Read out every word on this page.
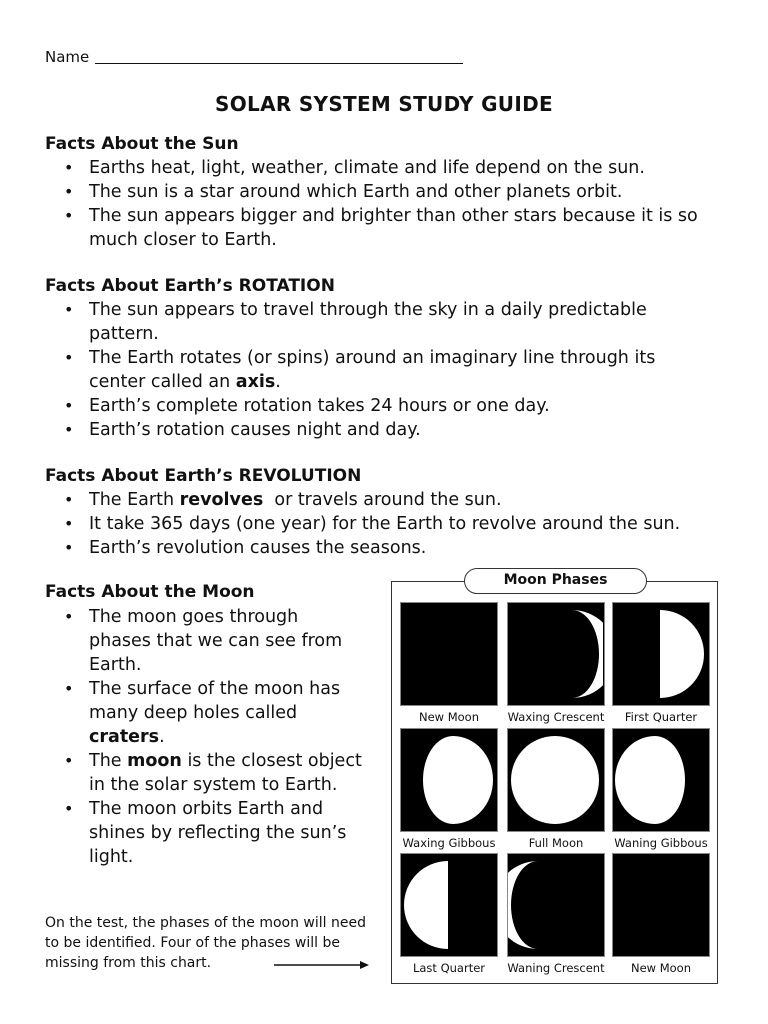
Name
SOLAR SYSTEM STUDY GUIDE
Facts About the Sun
• Earths heat, light, weather, climate and life depend on the sun.
• The sun is a star around which Earth and other planets orbit.
• The sun appears bigger and brighter than other stars because it is so much closer to Earth.
Facts About Earth’s ROTATION
• The sun appears to travel through the sky in a daily predictable pattern.
• The Earth rotates (or spins) around an imaginary line through its center called an axis.
• Earth’s complete rotation takes 24 hours or one day.
• Earth’s rotation causes night and day.
Facts About Earth’s REVOLUTION
• The Earth revolves  or travels around the sun.
• It take 365 days (one year) for the Earth to revolve around the sun.
• Earth’s revolution causes the seasons.
Facts About the Moon
• The moon goes through phases that we can see from Earth.
• The surface of the moon has many deep holes called craters.
• The moon is the closest object in the solar system to Earth.
• The moon orbits Earth and shines by reflecting the sun’s light.
On the test, the phases of the moon will need to be identified. Four of the phases will be missing from this chart.
Moon Phases
New Moon	Waxing Crescent	First Quarter
Waxing Gibbous	Full Moon	Waning Gibbous
Last Quarter	Waning Crescent	New Moon
